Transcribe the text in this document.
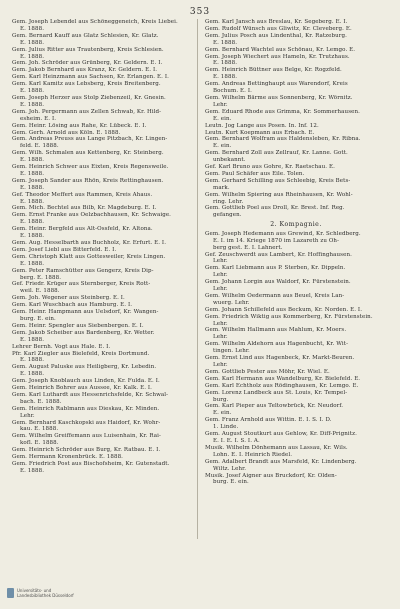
353
Gem. Joseph Lebendel aus Schöneggeneich, Kreis Liebei.
E. 1888.
Gem. Bernard Kauff aus Glatz Schlesien, Kr. Glatz.
E. 1888.
Gem. Julius Ritter aus Trautenberg, Kreis Schlesien.
E. 1888.
Gem. Joh. Schröder aus Grünberg, Kr. Geldern. E. I.
Gem. Jakob Bernhard aus Kranz, Kr. Geldern. E. I.
Gem. Karl Heinzmann aus Sachsen, Kr. Erlangen. E. I.
Gem. Karl Kamitz aus Lebsberg, Kreis Breitenberg.
E. 1888.
Gem. Joseph Herzer aus Stolp Ziebenzeil, Kr. Gnesin.
E. 1888.
Gem. Joh. Pergermann aus Zellen Schwab, Kr. Hild-
esheim. E. I.
Gem. Heinr. Lösing aus Rahe, Kr. Lübeck. E. I.
Gem. Gerh. Arnold aus Köln. E. 1888.
Gem. Andreas Preuss aus Lange Pitzbach, Kr. Lingen-
feld. E. 1888.
Gem. Wilh. Schmalen aus Kettenberg, Kr. Steinberg.
E. 1888.
Gem. Heinrich Schwer aus Eixten, Kreis Regensweile.
E. 1888.
Gem. Joseph Sander aus Rhön, Kreis Rettinghausen.
E. 1888.
Gef. Theodor Meffert aus Rammen, Kreis Ahaus.
E. 1888.
Gem. Mich. Bechtel aus Bilb, Kr. Magdeburg. E. I.
Gem. Ernst Franke aus Oelzbachhausen, Kr. Schwaige.
E. 1888.
Gem. Heinr. Bergfeld aus Alt-Ossfeld, Kr. Altona.
E. 1888.
Gem. Aug. Hesselbarth aus Buchholz, Kr. Erfurt. E. I.
Gem. Josef Liebl aus Bitterfeld. E. I.
Gem. Christoph Klatt aus Gottesweiler, Kreis Lingen.
E. 1888.
Gem. Peter Ramschütter aus Gengerz, Kreis Dip-
berg. E. 1888.
Gef. Friedr. Krüger aus Sternberger, Kreis Rott-
weil. E. 1888.
Gem. Joh. Wegener aus Steinberg. E. I.
Gem. Karl Wuschbach aus Hamburg. E. I.
Gem. Heinr. Hampmann aus Uelsdorf, Kr. Wangen-
burg. E. ein.
Gem. Heinr. Spengler aus Siebenbergen. E. I.
Gem. Jakob Scheiber aus Bardenberg, Kr. Wetter.
E. 1888.
Lehrer Bernh. Vogt aus Hale. E. I.
Pfr. Karl Ziegler aus Bielefeld, Kreis Dortmund.
E. 1888.
Gem. August Paluske aus Heiligberg, Kr. Lebedin.
E. 1888.
Gem. Joseph Knoblauch aus Linden, Kr. Fulda. E. I.
Gem. Heinrich Bohrer aus Aussee, Kr. Kalk. E. I.
Gem. Karl Luthardt aus Hessenrichsfelde, Kr. Schwal-
bach. E. 1888.
Gem. Heinrich Rablmann aus Dieskau, Kr. Minden.
Lehr.
Gem. Bernhard Kaschkopski aus Haidorf, Kr. Wohr-
kau. E. 1888.
Gem. Wilhelm Greiffemann aus Luisenhain, Kr. Rai-
kofl. E. 1888.
Gem. Heinrich Schröder aus Burg, Kr. Ratbau. E. I.
Gem. Hermann Kronenbrück. E. 1888.
Gem. Friedrich Post aus Bischofsheim, Kr. Gutenstadt.
E. 1888.
Gem. Karl Jansch aus Breslau, Kr. Segeberg. E. I.
Gem. Rudolf Wünsch aus Gliwitz, Kr. Cleveberg. E.
Gem. Julius Posch aus Lindenthal, Kr. Ratzeburg.
E. 1888.
Gem. Bernhard Wachtel aus Schönau, Kr. Lemgo. E.
Gem. Joseph Wiechert aus Hameln, Kr. Trutzhaus.
E. 1888.
Gem. Heinrich Büttner aus Belge, Kr. Rogzfeld.
E. 1888.
Gem. Andreas Bettinghaupt aus Warendorf, Kreis
Bochum. E. I.
Gem. Wilhelm Bärme aus Sonnenberg, Kr. Wörnitz.
Lehr.
Gem. Eduard Rhode aus Grimma, Kr. Sommerhausen.
E. ein.
Leutn. Jog Lange aus Posen. In. Inf. 12.
Leutn. Kurt Koepmann aus Erbach. E.
Gem. Bernhard Wolfram aus Haldensleben, Kr. Ribna.
E. ein.
Gem. Bernhard Zoll aus Zellrauf, Kr. Lanne. Gott.
unbekannt.
Gef. Karl Bruno aus Gohre, Kr. Raetschau. E.
Gem. Paul Schäfer aus Eile. Tolen.
Gem. Gerhard Schilling aus Schleebig, Kreis Bets-
mark.
Gem. Wilhelm Spiering aus Rheinhausen, Kr. Wohl-
ring. Lehr.
Gem. Gottlieb Poel aus Droll, Kr. Brest. Inf. Reg.
gefangen.
2. Kompagnie.
Gem. Joseph Hedemann aus Grewind, Kr. Schledberg.
E. I. im 14. Kriege 1870 im Lazareth zu Oh-
berg gest. E. I. Lahnert.
Gef. Zeuschwerdt aus Lambert, Kr. Hoffinghausen.
Lehr.
Gem. Karl Liebmann aus P. Sterben, Kr. Dippeln.
Lehr.
Gem. Johann Lorgin aus Waldorf, Kr. Fürstenstein.
Lehr.
Gem. Wilhelm Oedermann aus Beuel, Kreis Lan-
wuerg. Lehr.
Gem. Johann Schillefeld aus Beckum, Kr. Norden. E. I.
Gem. Friedrich Wiktig aus Kommerberg, Kr. Fürstenstein.
Lehr.
Gem. Wilhelm Hallmann aus Mahlum, Kr. Moers.
Lehr.
Gem. Wilhelm Aldehorn aus Hagenbucht, Kr. Wit-
tingen. Lehr.
Gem. Ernst Lind aus Hagenbeck, Kr. Markt-Beuren.
Lehr.
Gem. Gottlieb Pester aus Möhr, Kr. Wiel. E.
Gem. Karl Hermann aus Wandelburg, Kr. Bielefeld. E.
Gem. Karl Echtholz aus Rödinghausen, Kr. Lemgo. E.
Gem. Lorenz Landbeck aus St. Louis, Kr. Tempel-
burg.
Gem. Karl Pieper aus Teltowbrück, Kr. Neudorf.
E. ein.
Gem. Franz Arnhold aus Wittin. E. I. S. I. D.
1. Linde.
Gem. August Stoutkurt aus Gehlow, Kr. Diff-Prignitz.
E. I. E. I. S. I. A.
Musik. Wilhelm Dönhemann aus Lassau, Kr. Wils.
Lohn. E. I. Heinrich Riedel.
Gem. Adalbert Brandt aus Marsfeld, Kr. Lindenberg.
Wiltz. Lehr.
Musik. Josef Aigner aus Bruckdorf, Kr. Olden-
burg. E. ein.
Universitäts- und
Landesbibliothek Düsseldorf
